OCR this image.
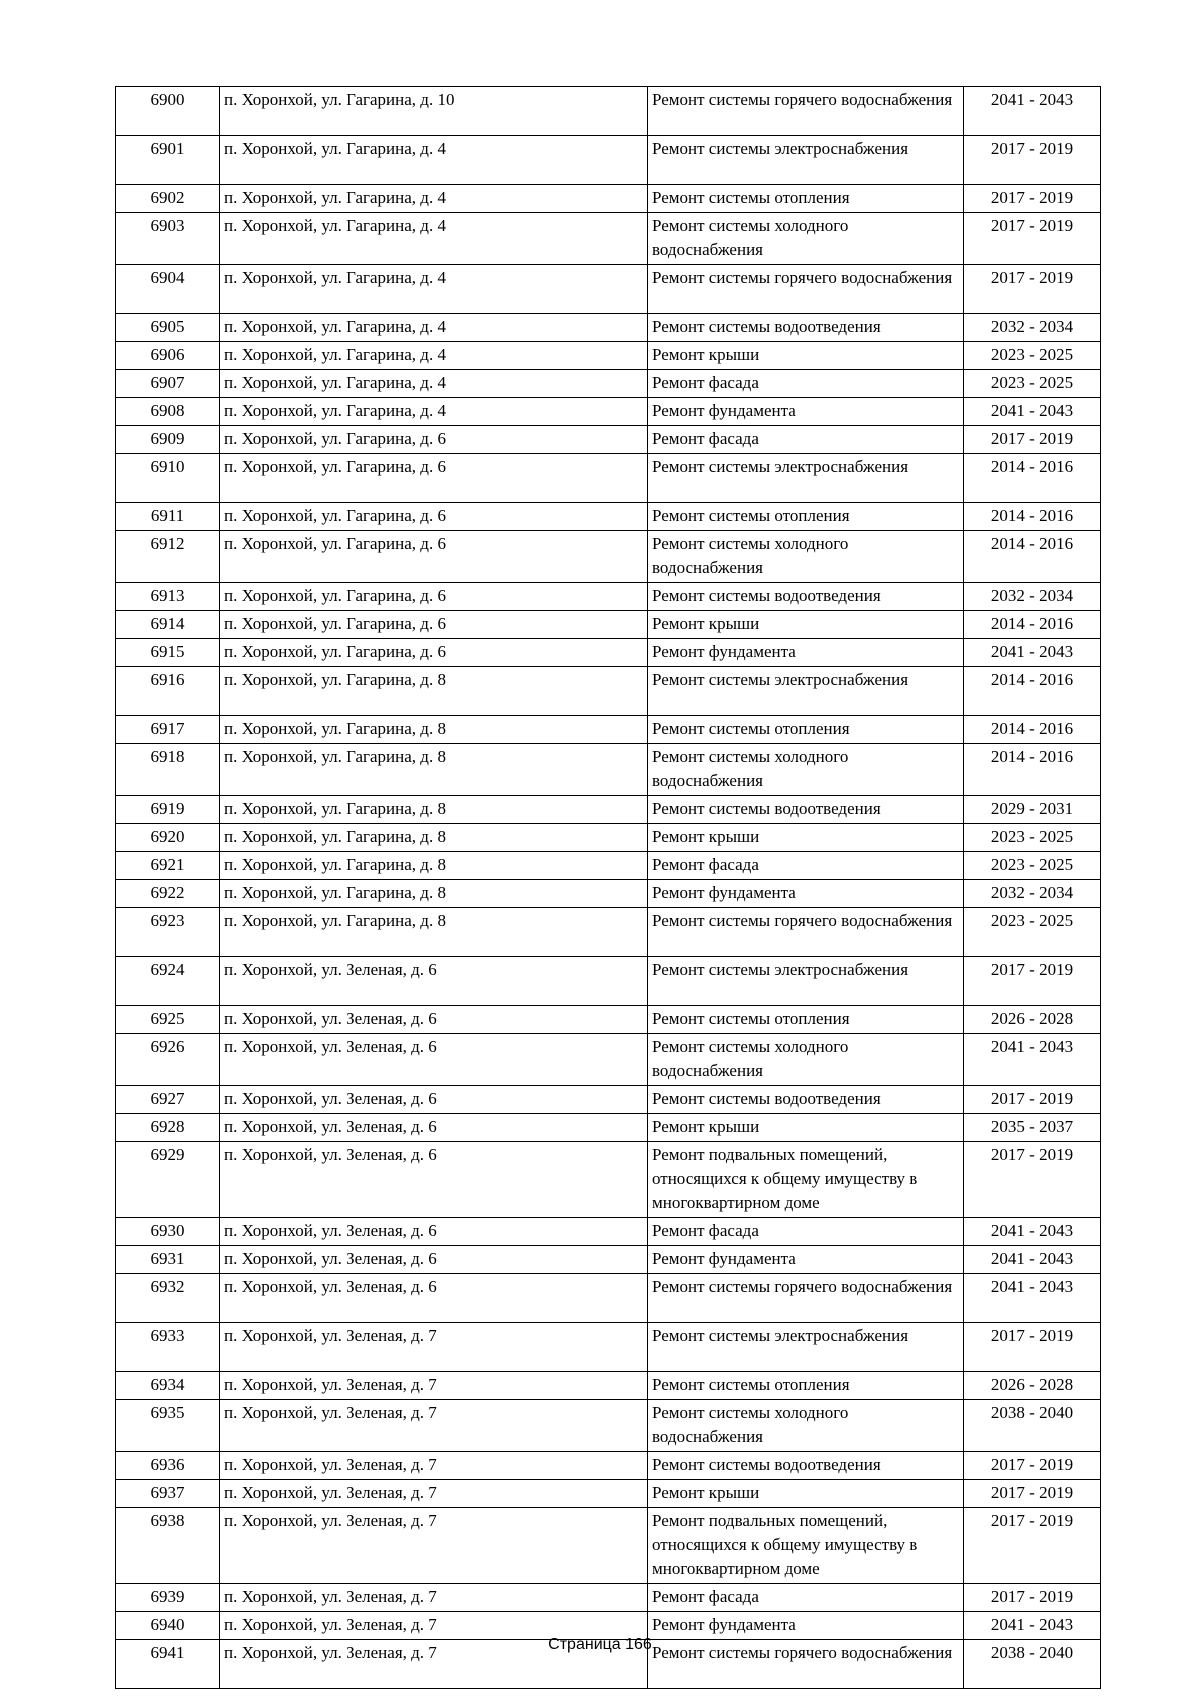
6900	п. Хоронхой, ул. Гагарина, д. 10	Ремонт системы горячего водоснабжения	2041 - 2043
6901	п. Хоронхой, ул. Гагарина, д. 4	Ремонт системы электроснабжения	2017 - 2019
6902	п. Хоронхой, ул. Гагарина, д. 4	Ремонт системы отопления	2017 - 2019
6903	п. Хоронхой, ул. Гагарина, д. 4	Ремонт системы холодного водоснабжения	2017 - 2019
6904	п. Хоронхой, ул. Гагарина, д. 4	Ремонт системы горячего водоснабжения	2017 - 2019
6905	п. Хоронхой, ул. Гагарина, д. 4	Ремонт системы водоотведения	2032 - 2034
6906	п. Хоронхой, ул. Гагарина, д. 4	Ремонт крыши	2023 - 2025
6907	п. Хоронхой, ул. Гагарина, д. 4	Ремонт фасада	2023 - 2025
6908	п. Хоронхой, ул. Гагарина, д. 4	Ремонт фундамента	2041 - 2043
6909	п. Хоронхой, ул. Гагарина, д. 6	Ремонт фасада	2017 - 2019
6910	п. Хоронхой, ул. Гагарина, д. 6	Ремонт системы электроснабжения	2014 - 2016
6911	п. Хоронхой, ул. Гагарина, д. 6	Ремонт системы отопления	2014 - 2016
6912	п. Хоронхой, ул. Гагарина, д. 6	Ремонт системы холодного водоснабжения	2014 - 2016
6913	п. Хоронхой, ул. Гагарина, д. 6	Ремонт системы водоотведения	2032 - 2034
6914	п. Хоронхой, ул. Гагарина, д. 6	Ремонт крыши	2014 - 2016
6915	п. Хоронхой, ул. Гагарина, д. 6	Ремонт фундамента	2041 - 2043
6916	п. Хоронхой, ул. Гагарина, д. 8	Ремонт системы электроснабжения	2014 - 2016
6917	п. Хоронхой, ул. Гагарина, д. 8	Ремонт системы отопления	2014 - 2016
6918	п. Хоронхой, ул. Гагарина, д. 8	Ремонт системы холодного водоснабжения	2014 - 2016
6919	п. Хоронхой, ул. Гагарина, д. 8	Ремонт системы водоотведения	2029 - 2031
6920	п. Хоронхой, ул. Гагарина, д. 8	Ремонт крыши	2023 - 2025
6921	п. Хоронхой, ул. Гагарина, д. 8	Ремонт фасада	2023 - 2025
6922	п. Хоронхой, ул. Гагарина, д. 8	Ремонт фундамента	2032 - 2034
6923	п. Хоронхой, ул. Гагарина, д. 8	Ремонт системы горячего водоснабжения	2023 - 2025
6924	п. Хоронхой, ул. Зеленая, д. 6	Ремонт системы электроснабжения	2017 - 2019
6925	п. Хоронхой, ул. Зеленая, д. 6	Ремонт системы отопления	2026 - 2028
6926	п. Хоронхой, ул. Зеленая, д. 6	Ремонт системы холодного водоснабжения	2041 - 2043
6927	п. Хоронхой, ул. Зеленая, д. 6	Ремонт системы водоотведения	2017 - 2019
6928	п. Хоронхой, ул. Зеленая, д. 6	Ремонт крыши	2035 - 2037
6929	п. Хоронхой, ул. Зеленая, д. 6	Ремонт подвальных помещений, относящихся к общему имуществу в многоквартирном доме	2017 - 2019
6930	п. Хоронхой, ул. Зеленая, д. 6	Ремонт фасада	2041 - 2043
6931	п. Хоронхой, ул. Зеленая, д. 6	Ремонт фундамента	2041 - 2043
6932	п. Хоронхой, ул. Зеленая, д. 6	Ремонт системы горячего водоснабжения	2041 - 2043
6933	п. Хоронхой, ул. Зеленая, д. 7	Ремонт системы электроснабжения	2017 - 2019
6934	п. Хоронхой, ул. Зеленая, д. 7	Ремонт системы отопления	2026 - 2028
6935	п. Хоронхой, ул. Зеленая, д. 7	Ремонт системы холодного водоснабжения	2038 - 2040
6936	п. Хоронхой, ул. Зеленая, д. 7	Ремонт системы водоотведения	2017 - 2019
6937	п. Хоронхой, ул. Зеленая, д. 7	Ремонт крыши	2017 - 2019
6938	п. Хоронхой, ул. Зеленая, д. 7	Ремонт подвальных помещений, относящихся к общему имуществу в многоквартирном доме	2017 - 2019
6939	п. Хоронхой, ул. Зеленая, д. 7	Ремонт фасада	2017 - 2019
6940	п. Хоронхой, ул. Зеленая, д. 7	Ремонт фундамента	2041 - 2043
6941	п. Хоронхой, ул. Зеленая, д. 7	Ремонт системы горячего водоснабжения	2038 - 2040
Страница 166
